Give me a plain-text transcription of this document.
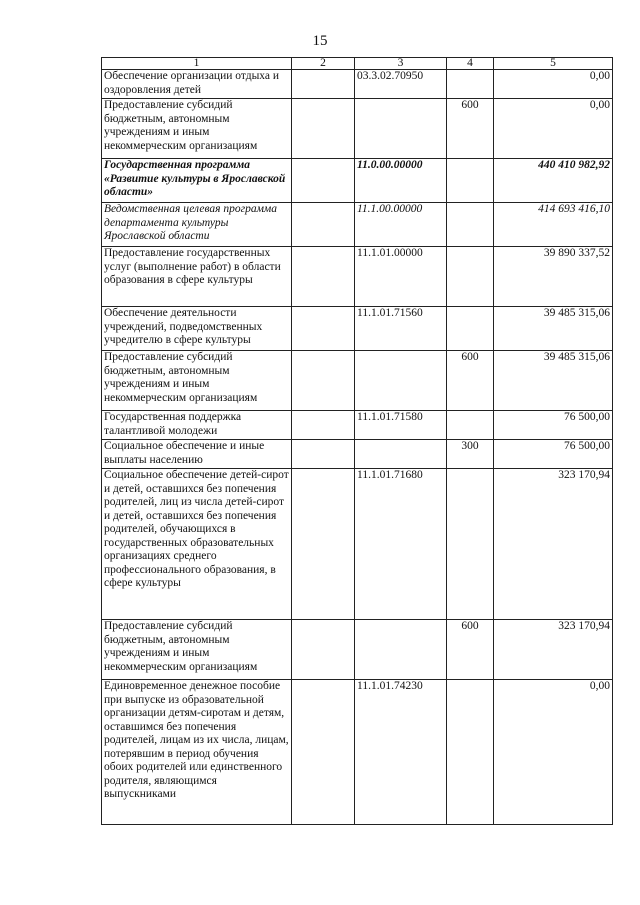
15
1	2	3	4	5
Обеспечение организации отдыха и оздоровления детей		03.3.02.70950		0,00
Предоставление субсидий бюджетным, автономным учреждениям и иным некоммерческим организациям			600	0,00
Государственная программа «Развитие культуры в Ярославской области»		11.0.00.00000		440 410 982,92
Ведомственная целевая программа департамента культуры Ярославской области		11.1.00.00000		414 693 416,10
Предоставление государственных услуг (выполнение работ) в области образования в сфере культуры		11.1.01.00000		39 890 337,52
Обеспечение деятельности учреждений, подведомственных учредителю в сфере культуры		11.1.01.71560		39 485 315,06
Предоставление субсидий бюджетным, автономным учреждениям и иным некоммерческим организациям			600	39 485 315,06
Государственная поддержка талантливой молодежи		11.1.01.71580		76 500,00
Социальное обеспечение и иные выплаты населению			300	76 500,00
Социальное обеспечение детей-сирот и детей, оставшихся без попечения родителей, лиц из числа детей-сирот и детей, оставшихся без попечения родителей, обучающихся в государственных образовательных организациях среднего профессионального образования, в сфере культуры		11.1.01.71680		323 170,94
Предоставление субсидий бюджетным, автономным учреждениям и иным некоммерческим организациям			600	323 170,94
Единовременное денежное пособие при выпуске из образовательной организации детям-сиротам и детям, оставшимся без попечения родителей, лицам из их числа, лицам, потерявшим в период обучения обоих родителей или единственного родителя, являющимся выпускниками		11.1.01.74230		0,00
